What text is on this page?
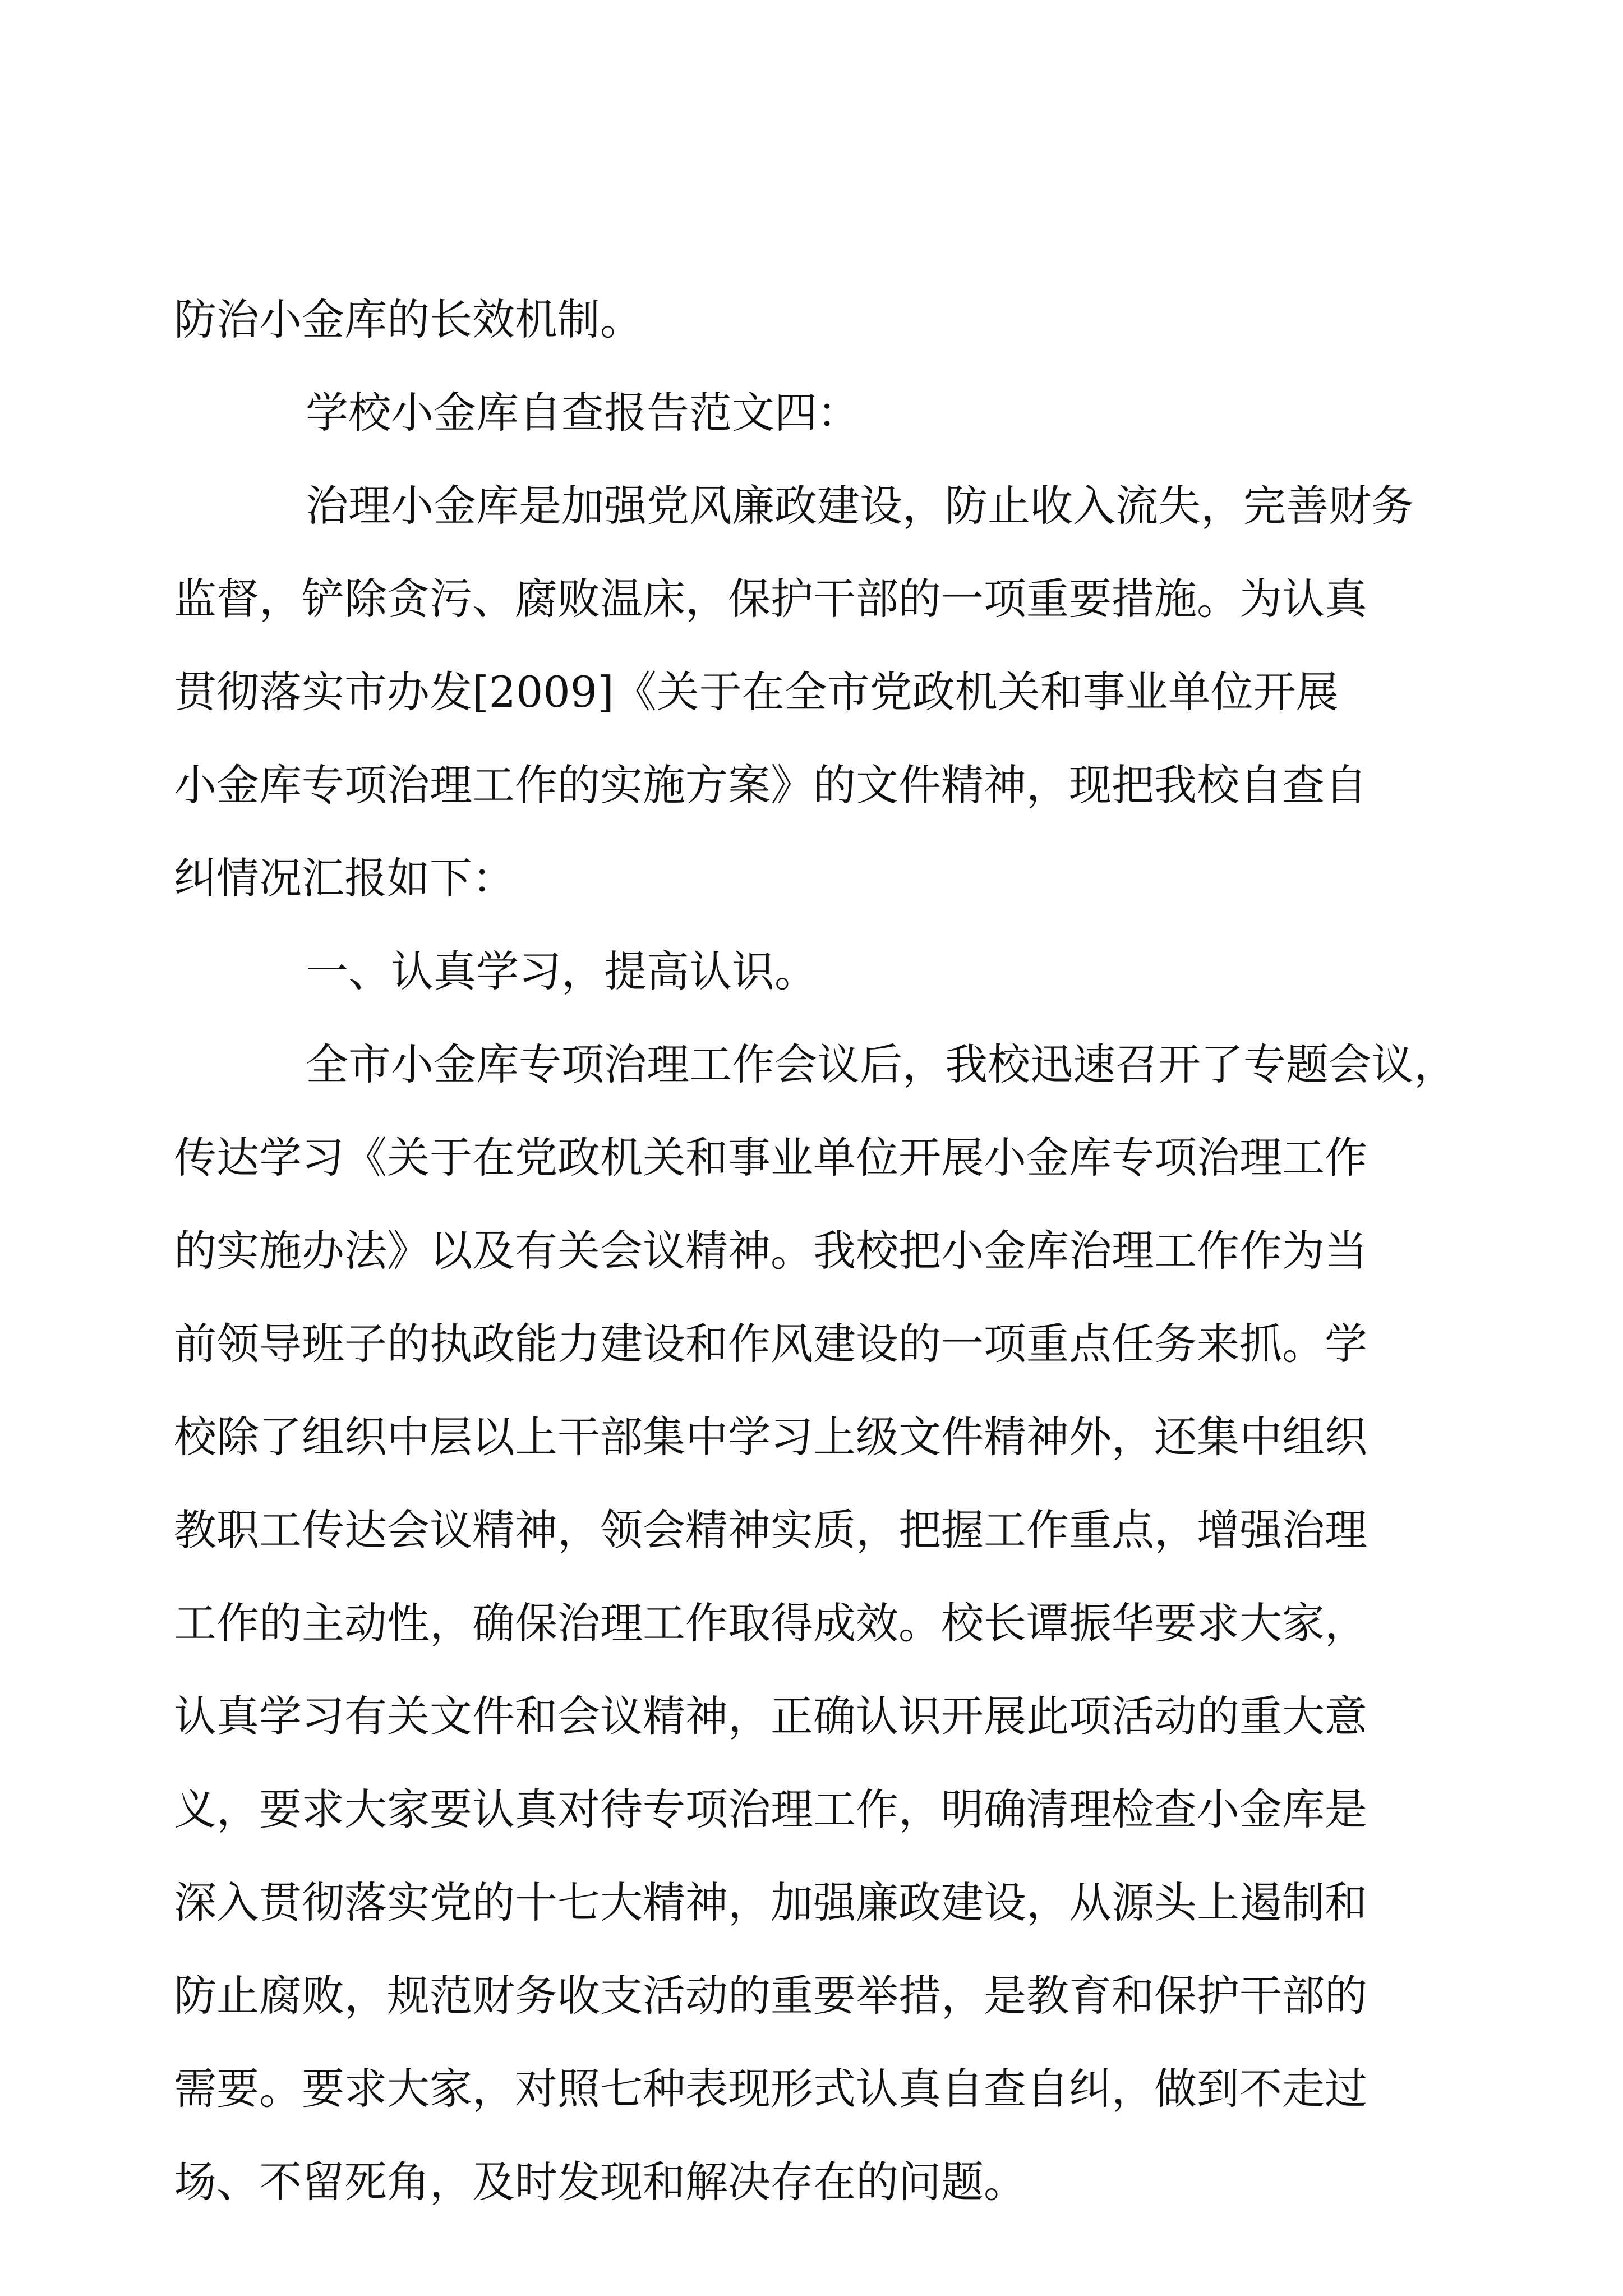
防治小金库的长效机制。

学校小金库自查报告范文四：

治理小金库是加强党风廉政建设，防止收入流失，完善财务

监督，铲除贪污、腐败温床，保护干部的一项重要措施。为认真

贯彻落实市办发[2009]《关于在全市党政机关和事业单位开展

小金库专项治理工作的实施方案》的文件精神，现把我校自查自

纠情况汇报如下：

一、认真学习，提高认识。

全市小金库专项治理工作会议后，我校迅速召开了专题会议，

传达学习《关于在党政机关和事业单位开展小金库专项治理工作

的实施办法》以及有关会议精神。我校把小金库治理工作作为当

前领导班子的执政能力建设和作风建设的一项重点任务来抓。学

校除了组织中层以上干部集中学习上级文件精神外，还集中组织

教职工传达会议精神，领会精神实质，把握工作重点，增强治理

工作的主动性，确保治理工作取得成效。校长谭振华要求大家，

认真学习有关文件和会议精神，正确认识开展此项活动的重大意

义，要求大家要认真对待专项治理工作，明确清理检查小金库是

深入贯彻落实党的十七大精神，加强廉政建设，从源头上遏制和

防止腐败，规范财务收支活动的重要举措，是教育和保护干部的

需要。要求大家，对照七种表现形式认真自查自纠，做到不走过

场、不留死角，及时发现和解决存在的问题。
